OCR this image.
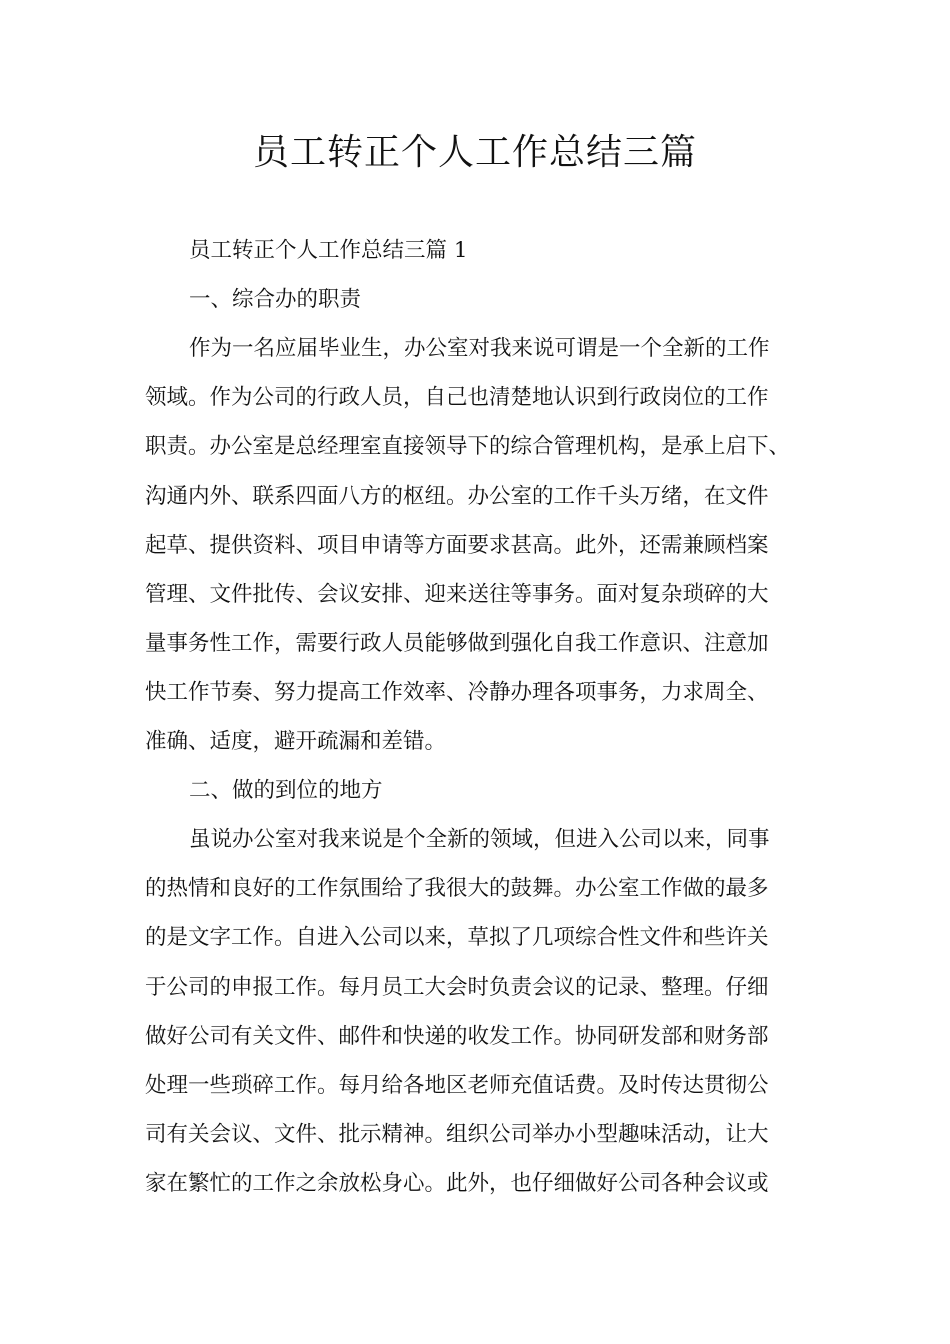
员工转正个人工作总结三篇

员工转正个人工作总结三篇 1

一、综合办的职责

作为一名应届毕业生，办公室对我来说可谓是一个全新的工作

领域。作为公司的行政人员，自己也清楚地认识到行政岗位的工作

职责。办公室是总经理室直接领导下的综合管理机构，是承上启下、

沟通内外、联系四面八方的枢纽。办公室的工作千头万绪，在文件

起草、提供资料、项目申请等方面要求甚高。此外，还需兼顾档案

管理、文件批传、会议安排、迎来送往等事务。面对复杂琐碎的大

量事务性工作，需要行政人员能够做到强化自我工作意识、注意加

快工作节奏、努力提高工作效率、冷静办理各项事务，力求周全、

准确、适度，避开疏漏和差错。

二、做的到位的地方

虽说办公室对我来说是个全新的领域，但进入公司以来，同事

的热情和良好的工作氛围给了我很大的鼓舞。办公室工作做的最多

的是文字工作。自进入公司以来，草拟了几项综合性文件和些许关

于公司的申报工作。每月员工大会时负责会议的记录、整理。仔细

做好公司有关文件、邮件和快递的收发工作。协同研发部和财务部

处理一些琐碎工作。每月给各地区老师充值话费。及时传达贯彻公

司有关会议、文件、批示精神。组织公司举办小型趣味活动，让大

家在繁忙的工作之余放松身心。此外，也仔细做好公司各种会议或
